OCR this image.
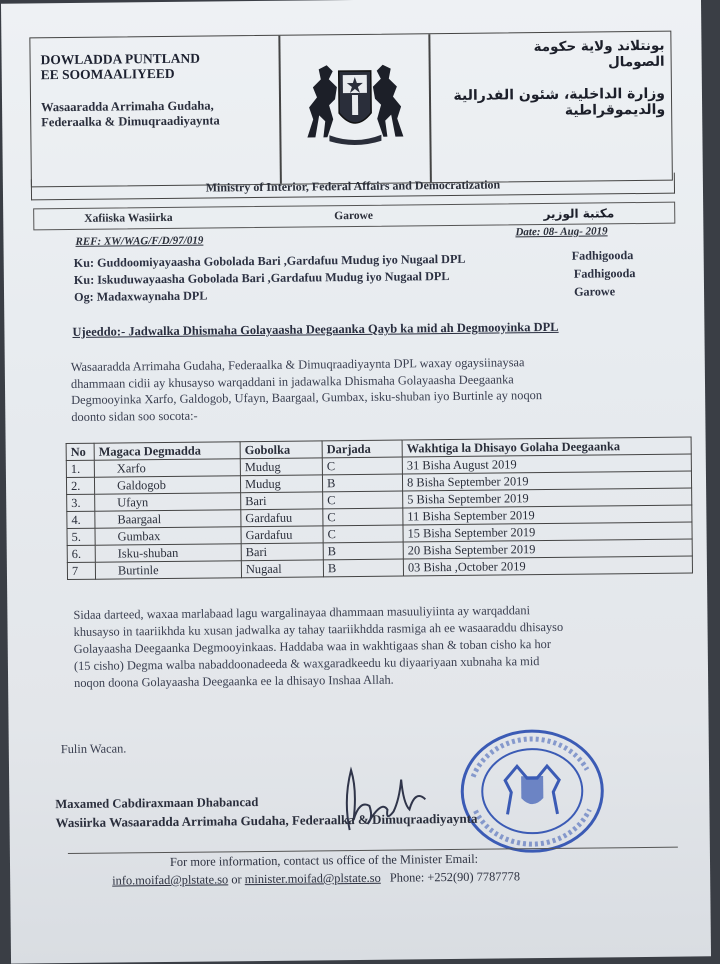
DOWLADDA PUNTLAND
EE SOOMAALIYEED
Wasaaradda Arrimaha Gudaha,
Federaalka & Dimuqraadiyaynta
بونتلاند ولاية حكومة
الصومال
وزارة الداخلية، شئون الفدرالية
والديموقراطية
Ministry of Interior, Federal Affairs and Democratization
Xafiiska Wasiirka	Garowe	مكتبة الوزير
REF: XW/WAG/F/D/97/019
Date: 08- Aug- 2019
Ku: Guddoomiyayaasha Gobolada Bari ,Gardafuu Mudug iyo Nugaal DPL	Fadhigooda
Ku: Iskuduwayaasha Gobolada Bari ,Gardafuu Mudug iyo Nugaal DPL	Fadhigooda
Og: Madaxwaynaha DPL	Garowe
Ujeeddo:- Jadwalka Dhismaha Golayaasha Deegaanka Qayb ka mid ah Degmooyinka DPL
Wasaaradda Arrimaha Gudaha, Federaalka & Dimuqraadiyaynta DPL waxay ogaysiinaysaa
dhammaan cidii ay khusayso warqaddani in jadawalka Dhismaha Golayaasha Deegaanka
Degmooyinka Xarfo, Galdogob, Ufayn, Baargaal, Gumbax, isku-shuban iyo Burtinle ay noqon
doonto sidan soo socota:-
No	Magaca Degmadda	Gobolka	Darjada	Wakhtiga la Dhisayo Golaha Deegaanka
1.	Xarfo	Mudug	C	31 Bisha August 2019
2.	Galdogob	Mudug	B	8 Bisha September 2019
3.	Ufayn	Bari	C	5 Bisha September 2019
4.	Baargaal	Gardafuu	C	11 Bisha September 2019
5.	Gumbax	Gardafuu	C	15 Bisha September 2019
6.	Isku-shuban	Bari	B	20 Bisha September 2019
7	Burtinle	Nugaal	B	03 Bisha ,October 2019
Sidaa darteed, waxaa marlabaad lagu wargalinayaa dhammaan masuuliyiinta ay warqaddani
khusayso in taariikhda ku xusan jadwalka ay tahay taariikhdda rasmiga ah ee wasaaraddu dhisayso
Golayaasha Deegaanka Degmooyinkaas. Haddaba waa in wakhtigaas shan & toban cisho ka hor
(15 cisho) Degma walba nabaddoonadeeda & waxgaradkeedu ku diyaariyaan xubnaha ka mid
noqon doona Golayaasha Deegaanka ee la dhisayo Inshaa Allah.
Fulin Wacan.
Maxamed Cabdiraxmaan Dhabancad
Wasiirka Wasaaradda Arrimaha Gudaha, Federaalka & Dimuqraadiyaynta
For more information, contact us office of the Minister Email:
info.moifad@plstate.so or minister.moifad@plstate.so Phone: +252(90) 7787778
